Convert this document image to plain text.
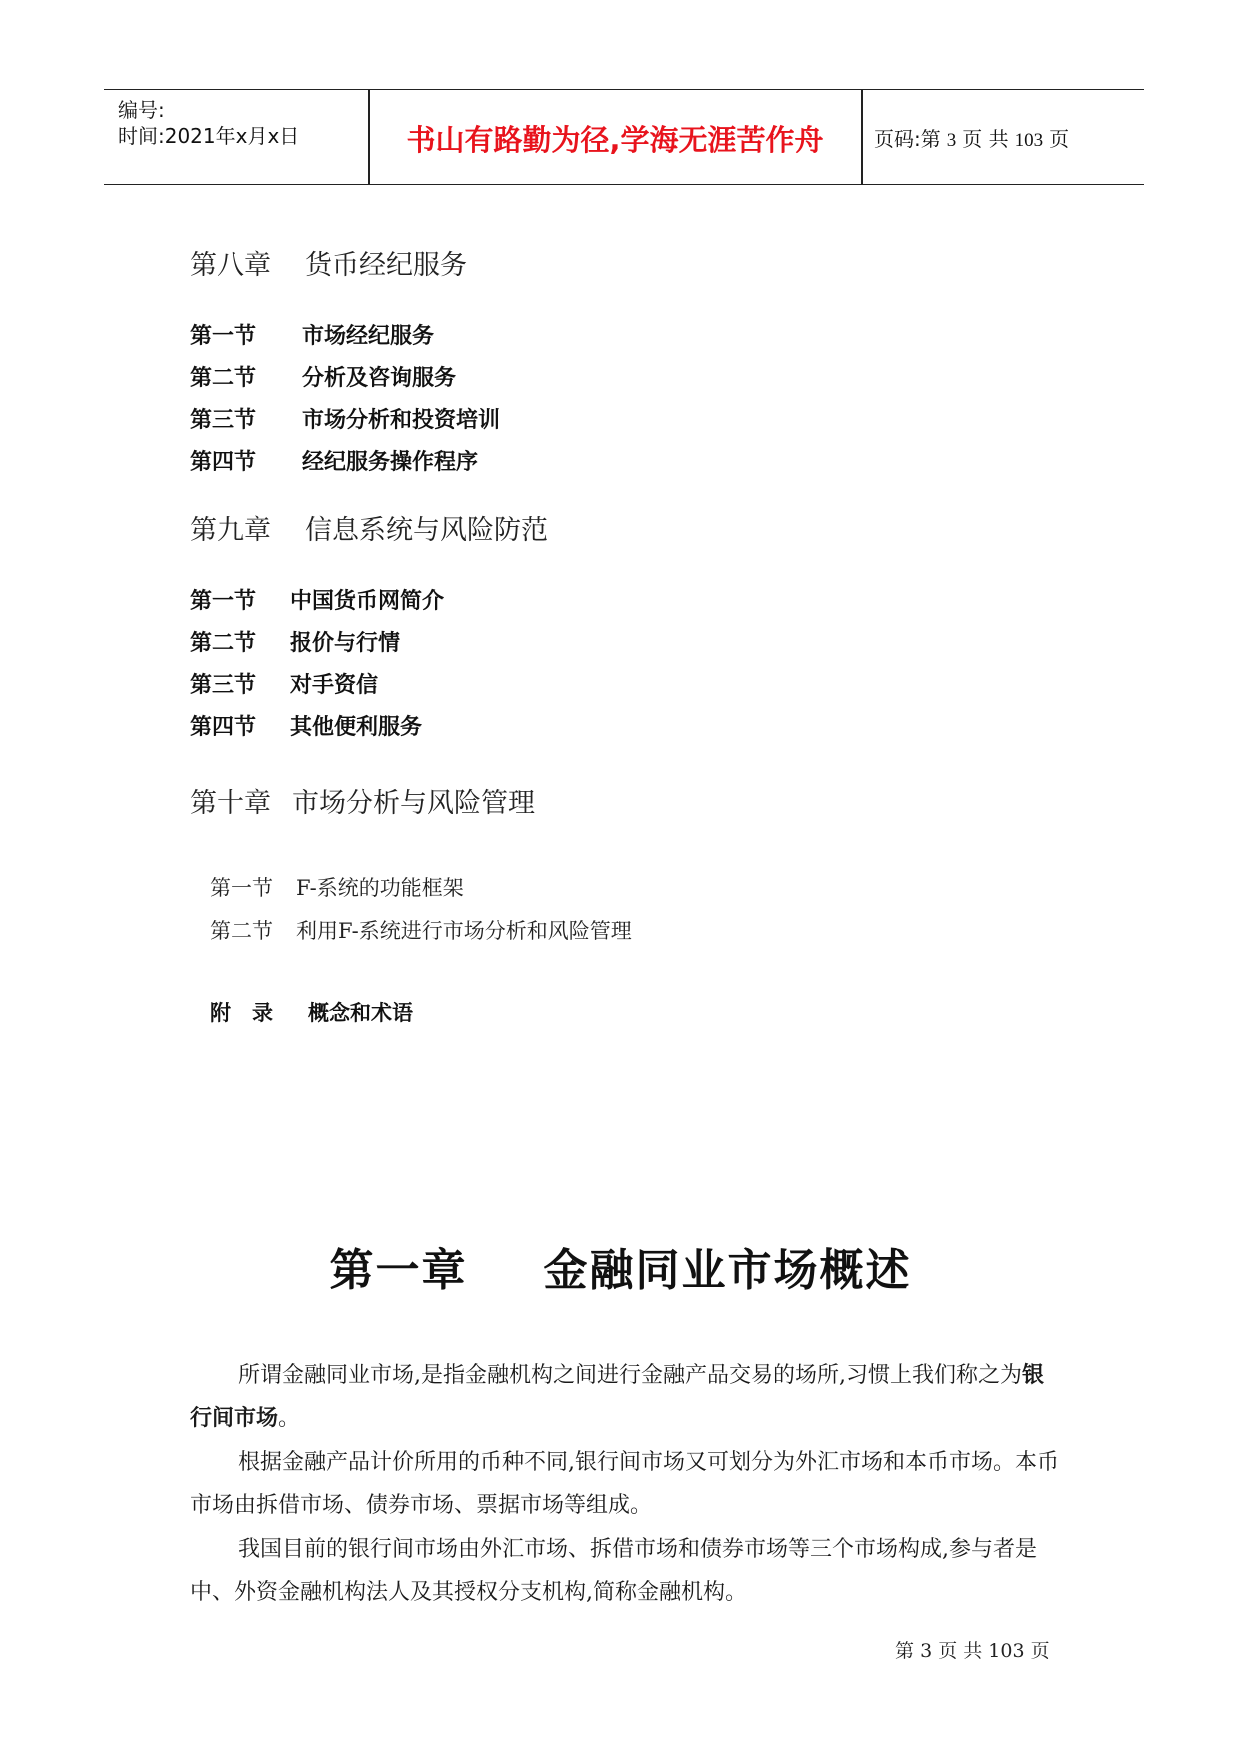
编号:
时间:2021年x月x日	书山有路勤为径,学海无涯苦作舟	页码:第 3 页 共 103 页
第八章 货币经纪服务
第一节 市场经纪服务
第二节 分析及咨询服务
第三节 市场分析和投资培训
第四节 经纪服务操作程序
第九章 信息系统与风险防范
第一节 中国货币网简介
第二节 报价与行情
第三节 对手资信
第四节 其他便利服务
第十章 市场分析与风险管理
第一节 F-系统的功能框架
第二节 利用F-系统进行市场分析和风险管理
附　录 概念和术语
第一章 金融同业市场概述
所谓金融同业市场,是指金融机构之间进行金融产品交易的场所,习惯上我们称之为银行间市场。
根据金融产品计价所用的币种不同,银行间市场又可划分为外汇市场和本币市场。本币市场由拆借市场、债券市场、票据市场等组成。
我国目前的银行间市场由外汇市场、拆借市场和债券市场等三个市场构成,参与者是中、外资金融机构法人及其授权分支机构,简称金融机构。
第 3 页 共 103 页
